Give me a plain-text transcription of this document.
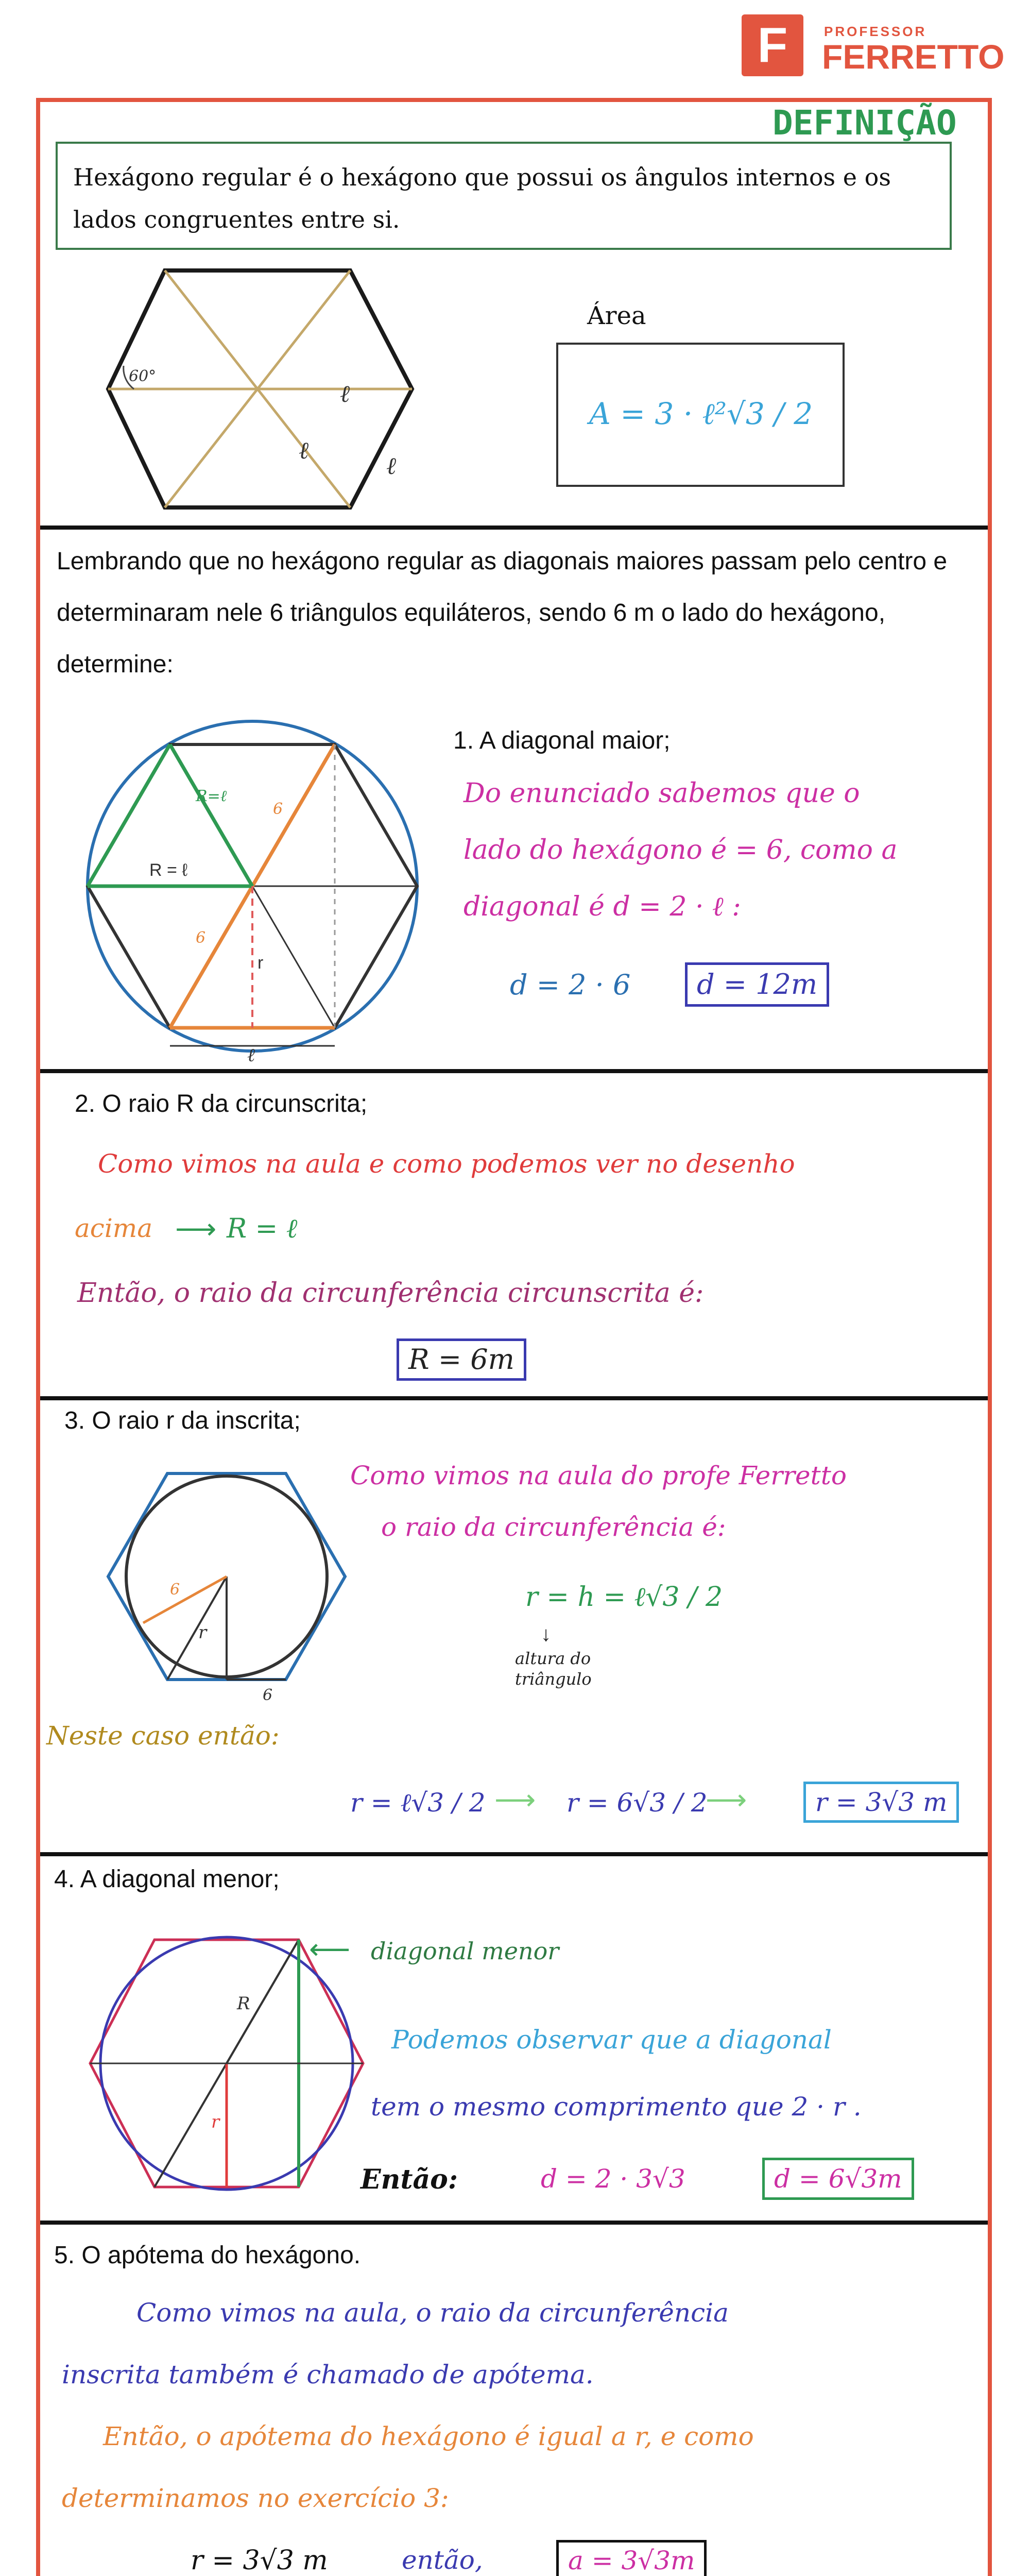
F	PROFESSOR
FERRETTO
DEFINIÇÃO
Hexágono regular é o hexágono que possui os ângulos internos e os lados congruentes entre si.
60°
ℓ
ℓ
ℓ
Área
A = 3 · ℓ²√3 / 2
Lembrando que no hexágono regular as diagonais maiores passam pelo centro e determinaram nele 6 triângulos equiláteros, sendo 6 m o lado do hexágono, determine:
R = ℓ
r
ℓ
R=ℓ
6
6
1. A diagonal maior;
Do enunciado sabemos que o
lado do hexágono é = 6, como a
diagonal é d = 2 · ℓ :
d = 2 · 6	d = 12m
2. O raio R da circunscrita;
Como vimos na aula e como podemos ver no desenho
acima ⟶ R = ℓ
Então, o raio da circunferência circunscrita é:
R = 6m
3. O raio r da inscrita;
r
6
6
Como vimos na aula do profe Ferretto
o raio da circunferência é:
r = h = ℓ√3 / 2
↓
altura do
triângulo
Neste caso então:
r = ℓ√3 / 2 ⟶ r = 6√3 / 2
⟶	r = 3√3 m
4. A diagonal menor;
R
r
⟵ diagonal menor
Podemos observar que a diagonal
tem o mesmo comprimento que 2 · r .
Então:	d = 2 · 3√3	d = 6√3m
5. O apótema do hexágono.
Como vimos na aula, o raio da circunferência
inscrita também é chamado de apótema.
Então, o apótema do hexágono é igual a r, e como
determinamos no exercício 3:
r = 3√3 m	então,	a = 3√3m
